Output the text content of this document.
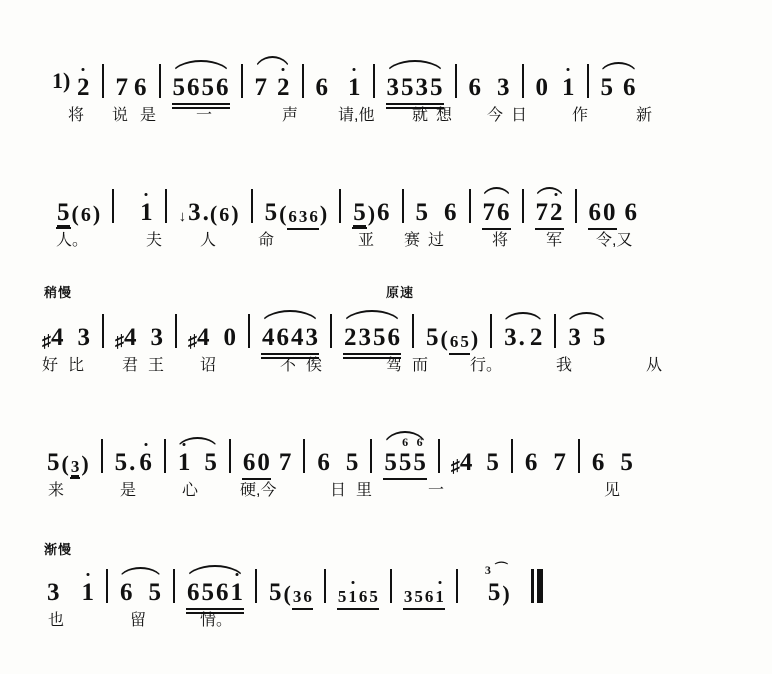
1) 2 7 6 5 6 5 6 7 2 6 1 3 5 3 5 6 3 0 1 5 6
将 说是 一	声 请,他 就想 今日 作	新
5 ( 6 ) 1 ↓ 3 . ( 6 ) 5 ( 6 3 6 ) 5 ) 6 5 6 7 6 7 2 6 0 6
人。	夫 人	命	亚 赛过 将 军 令,又
稍慢	原速
♯ 4 3 ♯ 4 3 ♯ 4 0 4 6 4 3 2 3 5 6 5 ( 6 5 ) 3 . 2 3 5
好比 君王 诏	不俟	驾而 行。	我	从
5 ( 3 ) 5 . 6 1 5 6 0 7 6 5 5 5
6
5
6
♯ 4 5 6 7 6 5
来	是	心	硬,今	日里	一	见
渐慢
3 1 6 5 6 5 6 1 5 ( 3 6 5 1 6 5 3 5 6 1
3 ⌒
5 )
也	留	情。
